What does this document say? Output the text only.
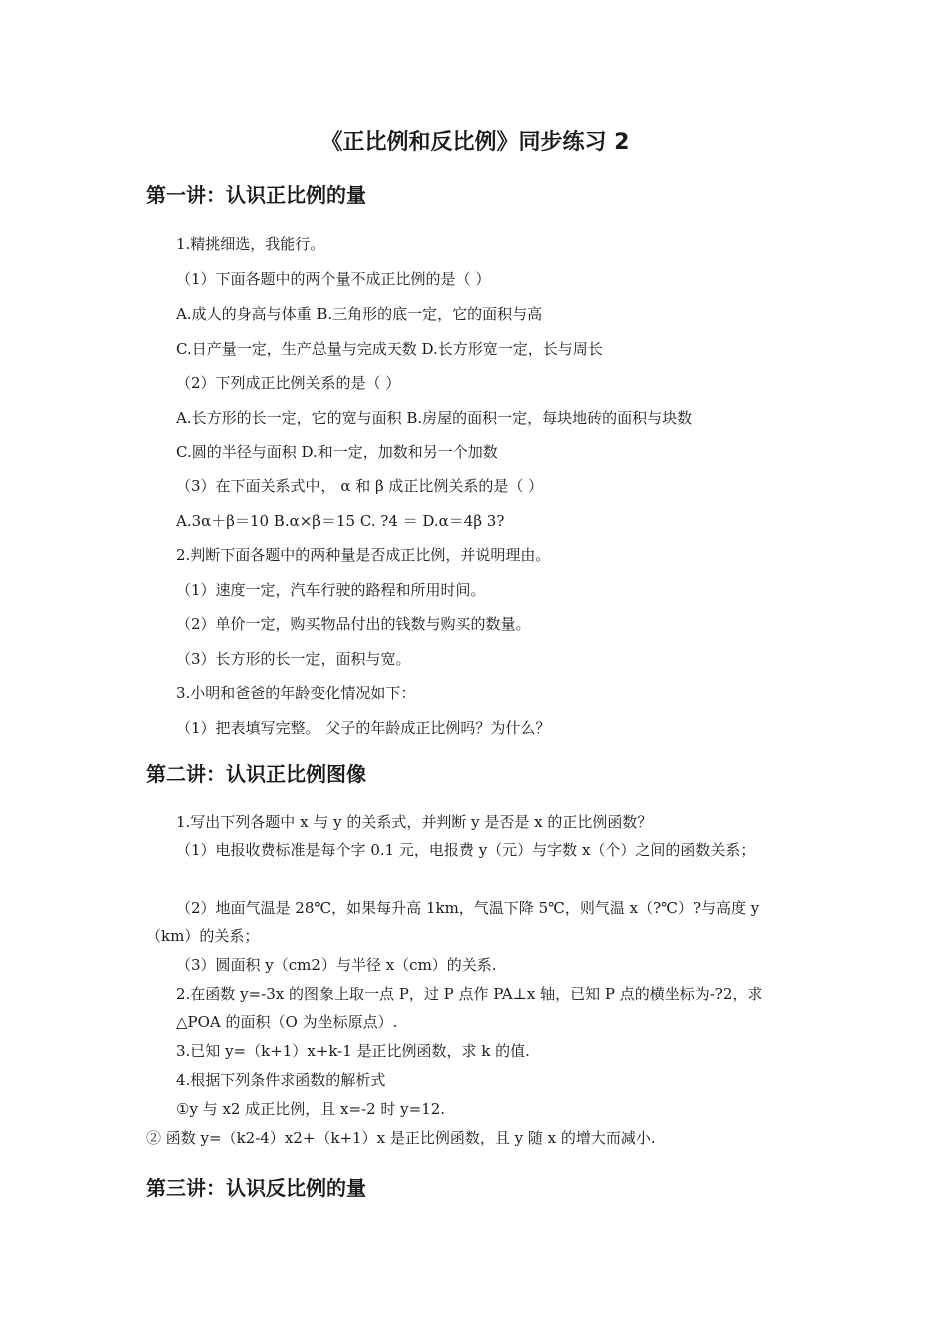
《正比例和反比例》同步练习 2
第一讲：认识正比例的量
1.精挑细选，我能行。
（1）下面各题中的两个量不成正比例的是（ ）
A.成人的身高与体重 B.三角形的底一定，它的面积与高
C.日产量一定，生产总量与完成天数 D.长方形宽一定，长与周长
（2）下列成正比例关系的是（ ）
A.长方形的长一定，它的宽与面积 B.房屋的面积一定，每块地砖的面积与块数
C.圆的半径与面积 D.和一定，加数和另一个加数
（3）在下面关系式中， α 和 β 成正比例关系的是（ ）
A.3α＋β＝10 B.α×β＝15 C. ?4 ＝ D.α＝4β 3?
2.判断下面各题中的两种量是否成正比例，并说明理由。
（1）速度一定，汽车行驶的路程和所用时间。
（2）单价一定，购买物品付出的钱数与购买的数量。
（3）长方形的长一定，面积与宽。
3.小明和爸爸的年龄变化情况如下：
（1）把表填写完整。 父子的年龄成正比例吗？为什么？
第二讲：认识正比例图像
1.写出下列各题中 x 与 y 的关系式，并判断 y 是否是 x 的正比例函数？
（1）电报收费标准是每个字 0.1 元，电报费 y（元）与字数 x（个）之间的函数关系；
（2）地面气温是 28℃，如果每升高 1km，气温下降 5℃，则气温 x（?℃）?与高度 y
（km）的关系；
（3）圆面积 y（cm2）与半径 x（cm）的关系.
2.在函数 y=-3x 的图象上取一点 P，过 P 点作 PA⊥x 轴，已知 P 点的横坐标为-?2，求
△POA 的面积（O 为坐标原点）.
3.已知 y=（k+1）x+k-1 是正比例函数，求 k 的值.
4.根据下列条件求函数的解析式
①y 与 x2 成正比例，且 x=-2 时 y=12.
② 函数 y=（k2-4）x2+（k+1）x 是正比例函数，且 y 随 x 的增大而减小.
第三讲：认识反比例的量
